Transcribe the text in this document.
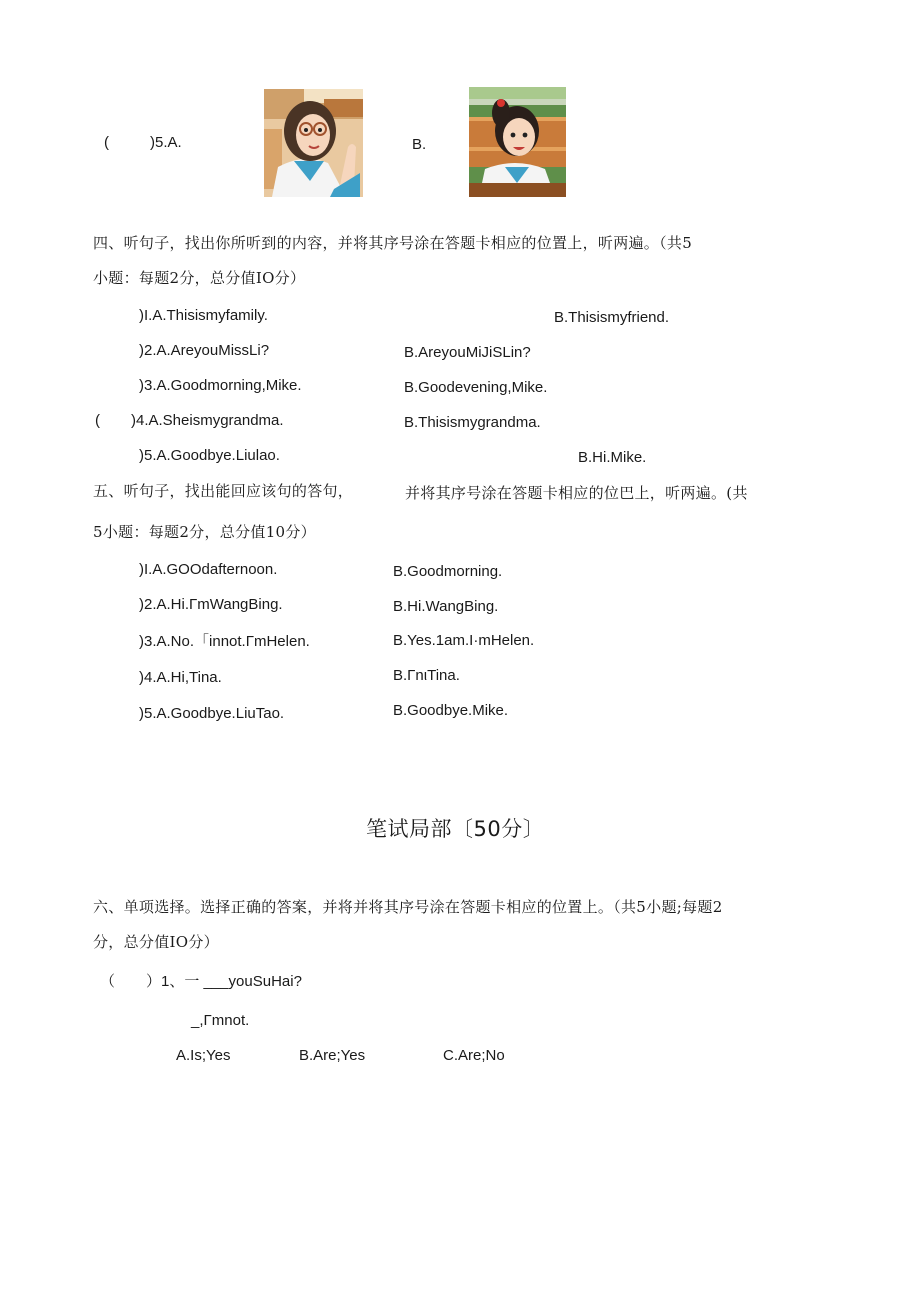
(	)5.A.	B.
四、听句子，找出你所听到的内容，并将其序号涂在答题卡相应的位置上，听两遍。（共5
小题：每题2分，总分值IO分）
)I.A.Thisismyfamily.	B.Thisismyfriend.
)2.A.AreyouMissLi?	B.AreyouMiJiSLin?
)3.A.Goodmorning,Mike.	B.Goodevening,Mike.
( )4.A.Sheismygrandma.	B.Thisismygrandma.
)5.A.Goodbye.Liulao.	B.Hi.Mike.
五、听句子，找出能回应该句的答句，	并将其序号涂在答题卡相应的位巴上，听两遍。(共
5小题：每题2分，总分值10分）
)I.A.GOOdafternoon.	B.Goodmorning.
)2.A.Hi.ΓmWangBing.	B.Hi.WangBing.
)3.A.No.「innot.ΓmHelen.	B.Yes.1am.I·mHelen.
)4.A.Hi,Tina.	B.ΓnιTina.
)5.A.Goodbye.LiuTao.	B.Goodbye.Mike.
笔试局部〔50分〕
六、单项选择。选择正确的答案，并将并将其序号涂在答题卡相应的位置上。（共5小题;每题2
分，总分值IO分）
（ ）1、一 ___youSuHai?
_,Γmnot.
A.Is;Yes	B.Are;Yes	C.Are;No
